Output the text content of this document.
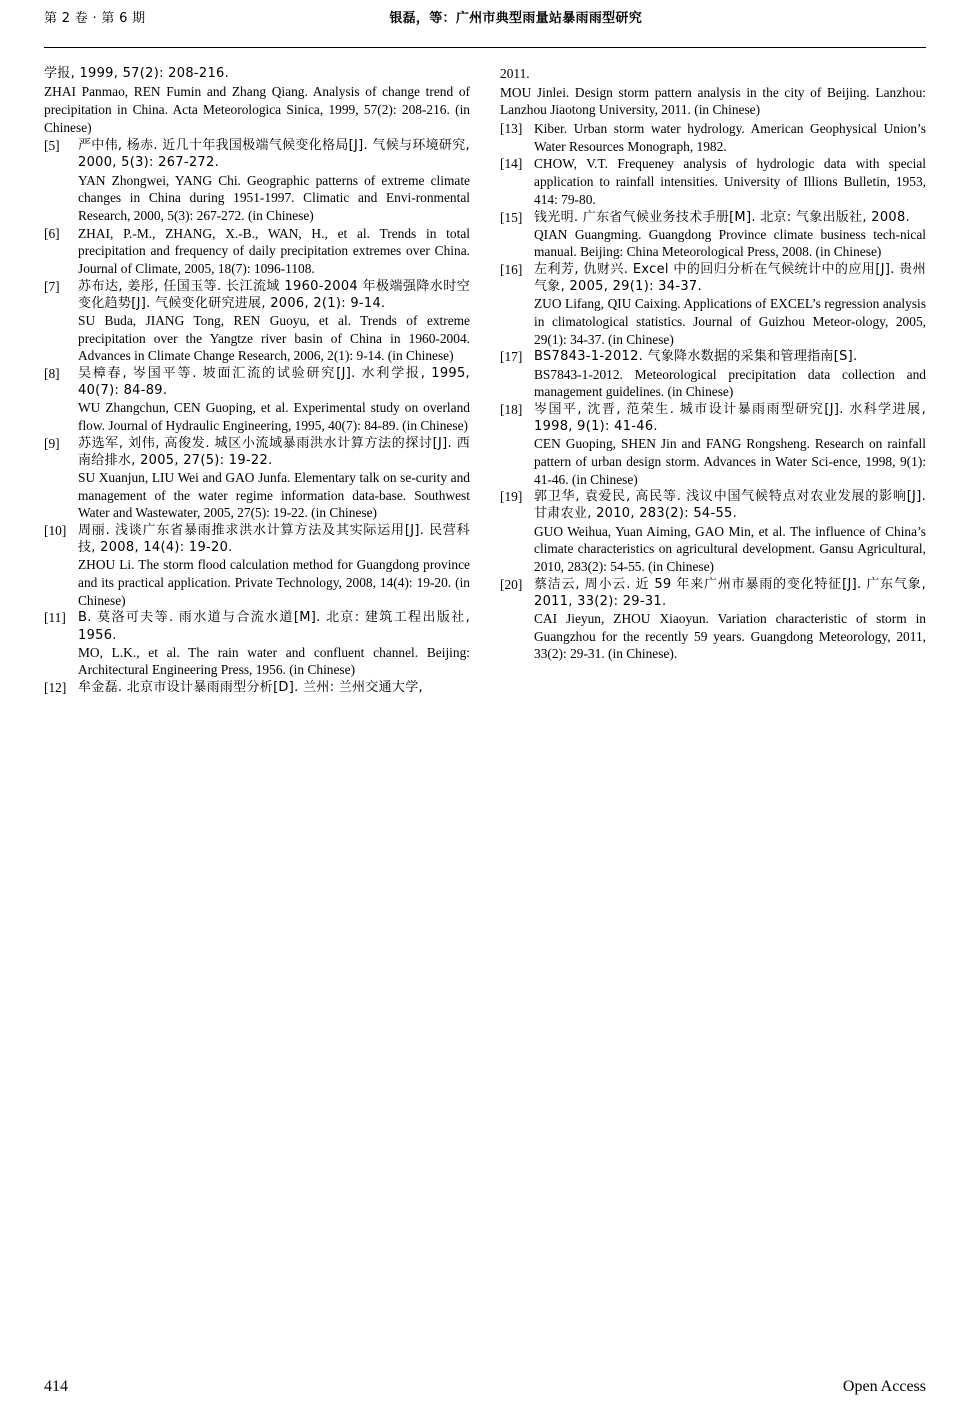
第 2 卷 · 第 6 期	银磊，等：广州市典型雨量站暴雨雨型研究
学报, 1999, 57(2): 208-216.
ZHAI Panmao, REN Fumin and Zhang Qiang. Analysis of change trend of precipitation in China. Acta Meteorologica Sinica, 1999, 57(2): 208-216. (in Chinese)
[5]	严中伟, 杨赤. 近几十年我国极端气候变化格局[J]. 气候与环境研究, 2000, 5(3): 267-272.
YAN Zhongwei, YANG Chi. Geographic patterns of extreme climate changes in China during 1951-1997. Climatic and Envi-ronmental Research, 2000, 5(3): 267-272. (in Chinese)
[6]	ZHAI, P.-M., ZHANG, X.-B., WAN, H., et al. Trends in total precipitation and frequency of daily precipitation extremes over China. Journal of Climate, 2005, 18(7): 1096-1108.
[7]	苏布达, 姜彤, 任国玉等. 长江流域 1960-2004 年极端强降水时空变化趋势[J]. 气候变化研究进展, 2006, 2(1): 9-14.
SU Buda, JIANG Tong, REN Guoyu, et al. Trends of extreme precipitation over the Yangtze river basin of China in 1960-2004. Advances in Climate Change Research, 2006, 2(1): 9-14. (in Chinese)
[8]	吴樟春, 岑国平等. 坡面汇流的试验研究[J]. 水利学报, 1995, 40(7): 84-89.
WU Zhangchun, CEN Guoping, et al. Experimental study on overland flow. Journal of Hydraulic Engineering, 1995, 40(7): 84-89. (in Chinese)
[9]	苏选军, 刘伟, 高俊发. 城区小流域暴雨洪水计算方法的探讨[J]. 西南给排水, 2005, 27(5): 19-22.
SU Xuanjun, LIU Wei and GAO Junfa. Elementary talk on se-curity and management of the water regime information data-base. Southwest Water and Wastewater, 2005, 27(5): 19-22. (in Chinese)
[10] 周丽. 浅谈广东省暴雨推求洪水计算方法及其实际运用[J]. 民营科技, 2008, 14(4): 19-20.
ZHOU Li. The storm flood calculation method for Guangdong province and its practical application. Private Technology, 2008, 14(4): 19-20. (in Chinese)
[11] B. 莫洛可夫等. 雨水道与合流水道[M]. 北京: 建筑工程出版社, 1956.
MO, L.K., et al. The rain water and confluent channel. Beijing: Architectural Engineering Press, 1956. (in Chinese)
[12] 牟金磊. 北京市设计暴雨雨型分析[D]. 兰州: 兰州交通大学,
2011.
MOU Jinlei. Design storm pattern analysis in the city of Beijing. Lanzhou: Lanzhou Jiaotong University, 2011. (in Chinese)
[13] Kiber. Urban storm water hydrology. American Geophysical Union’s Water Resources Monograph, 1982.
[14] CHOW, V.T. Frequeney analysis of hydrologic data with special application to rainfall intensities. University of Illions Bulletin, 1953, 414: 79-80.
[15] 钱光明. 广东省气候业务技术手册[M]. 北京: 气象出版社, 2008.
QIAN Guangming. Guangdong Province climate business tech-nical manual. Beijing: China Meteorological Press, 2008. (in Chinese)
[16] 左利芳, 仇财兴. Excel 中的回归分析在气候统计中的应用[J]. 贵州气象, 2005, 29(1): 34-37.
ZUO Lifang, QIU Caixing. Applications of EXCEL’s regression analysis in climatological statistics. Journal of Guizhou Meteor-ology, 2005, 29(1): 34-37. (in Chinese)
[17] BS7843-1-2012. 气象降水数据的采集和管理指南[S].
BS7843-1-2012. Meteorological precipitation data collection and management guidelines. (in Chinese)
[18] 岑国平, 沈晋, 范荣生. 城市设计暴雨雨型研究[J]. 水科学进展, 1998, 9(1): 41-46.
CEN Guoping, SHEN Jin and FANG Rongsheng. Research on rainfall pattern of urban design storm. Advances in Water Sci-ence, 1998, 9(1): 41-46. (in Chinese)
[19] 郭卫华, 袁爱民, 高民等. 浅议中国气候特点对农业发展的影响[J]. 甘肃农业, 2010, 283(2): 54-55.
GUO Weihua, Yuan Aiming, GAO Min, et al. The influence of China’s climate characteristics on agricultural development. Gansu Agricultural, 2010, 283(2): 54-55. (in Chinese)
[20] 蔡洁云, 周小云. 近 59 年来广州市暴雨的变化特征[J]. 广东气象, 2011, 33(2): 29-31.
CAI Jieyun, ZHOU Xiaoyun. Variation characteristic of storm in Guangzhou for the recently 59 years. Guangdong Meteorology, 2011, 33(2): 29-31. (in Chinese).
414	Open Access
